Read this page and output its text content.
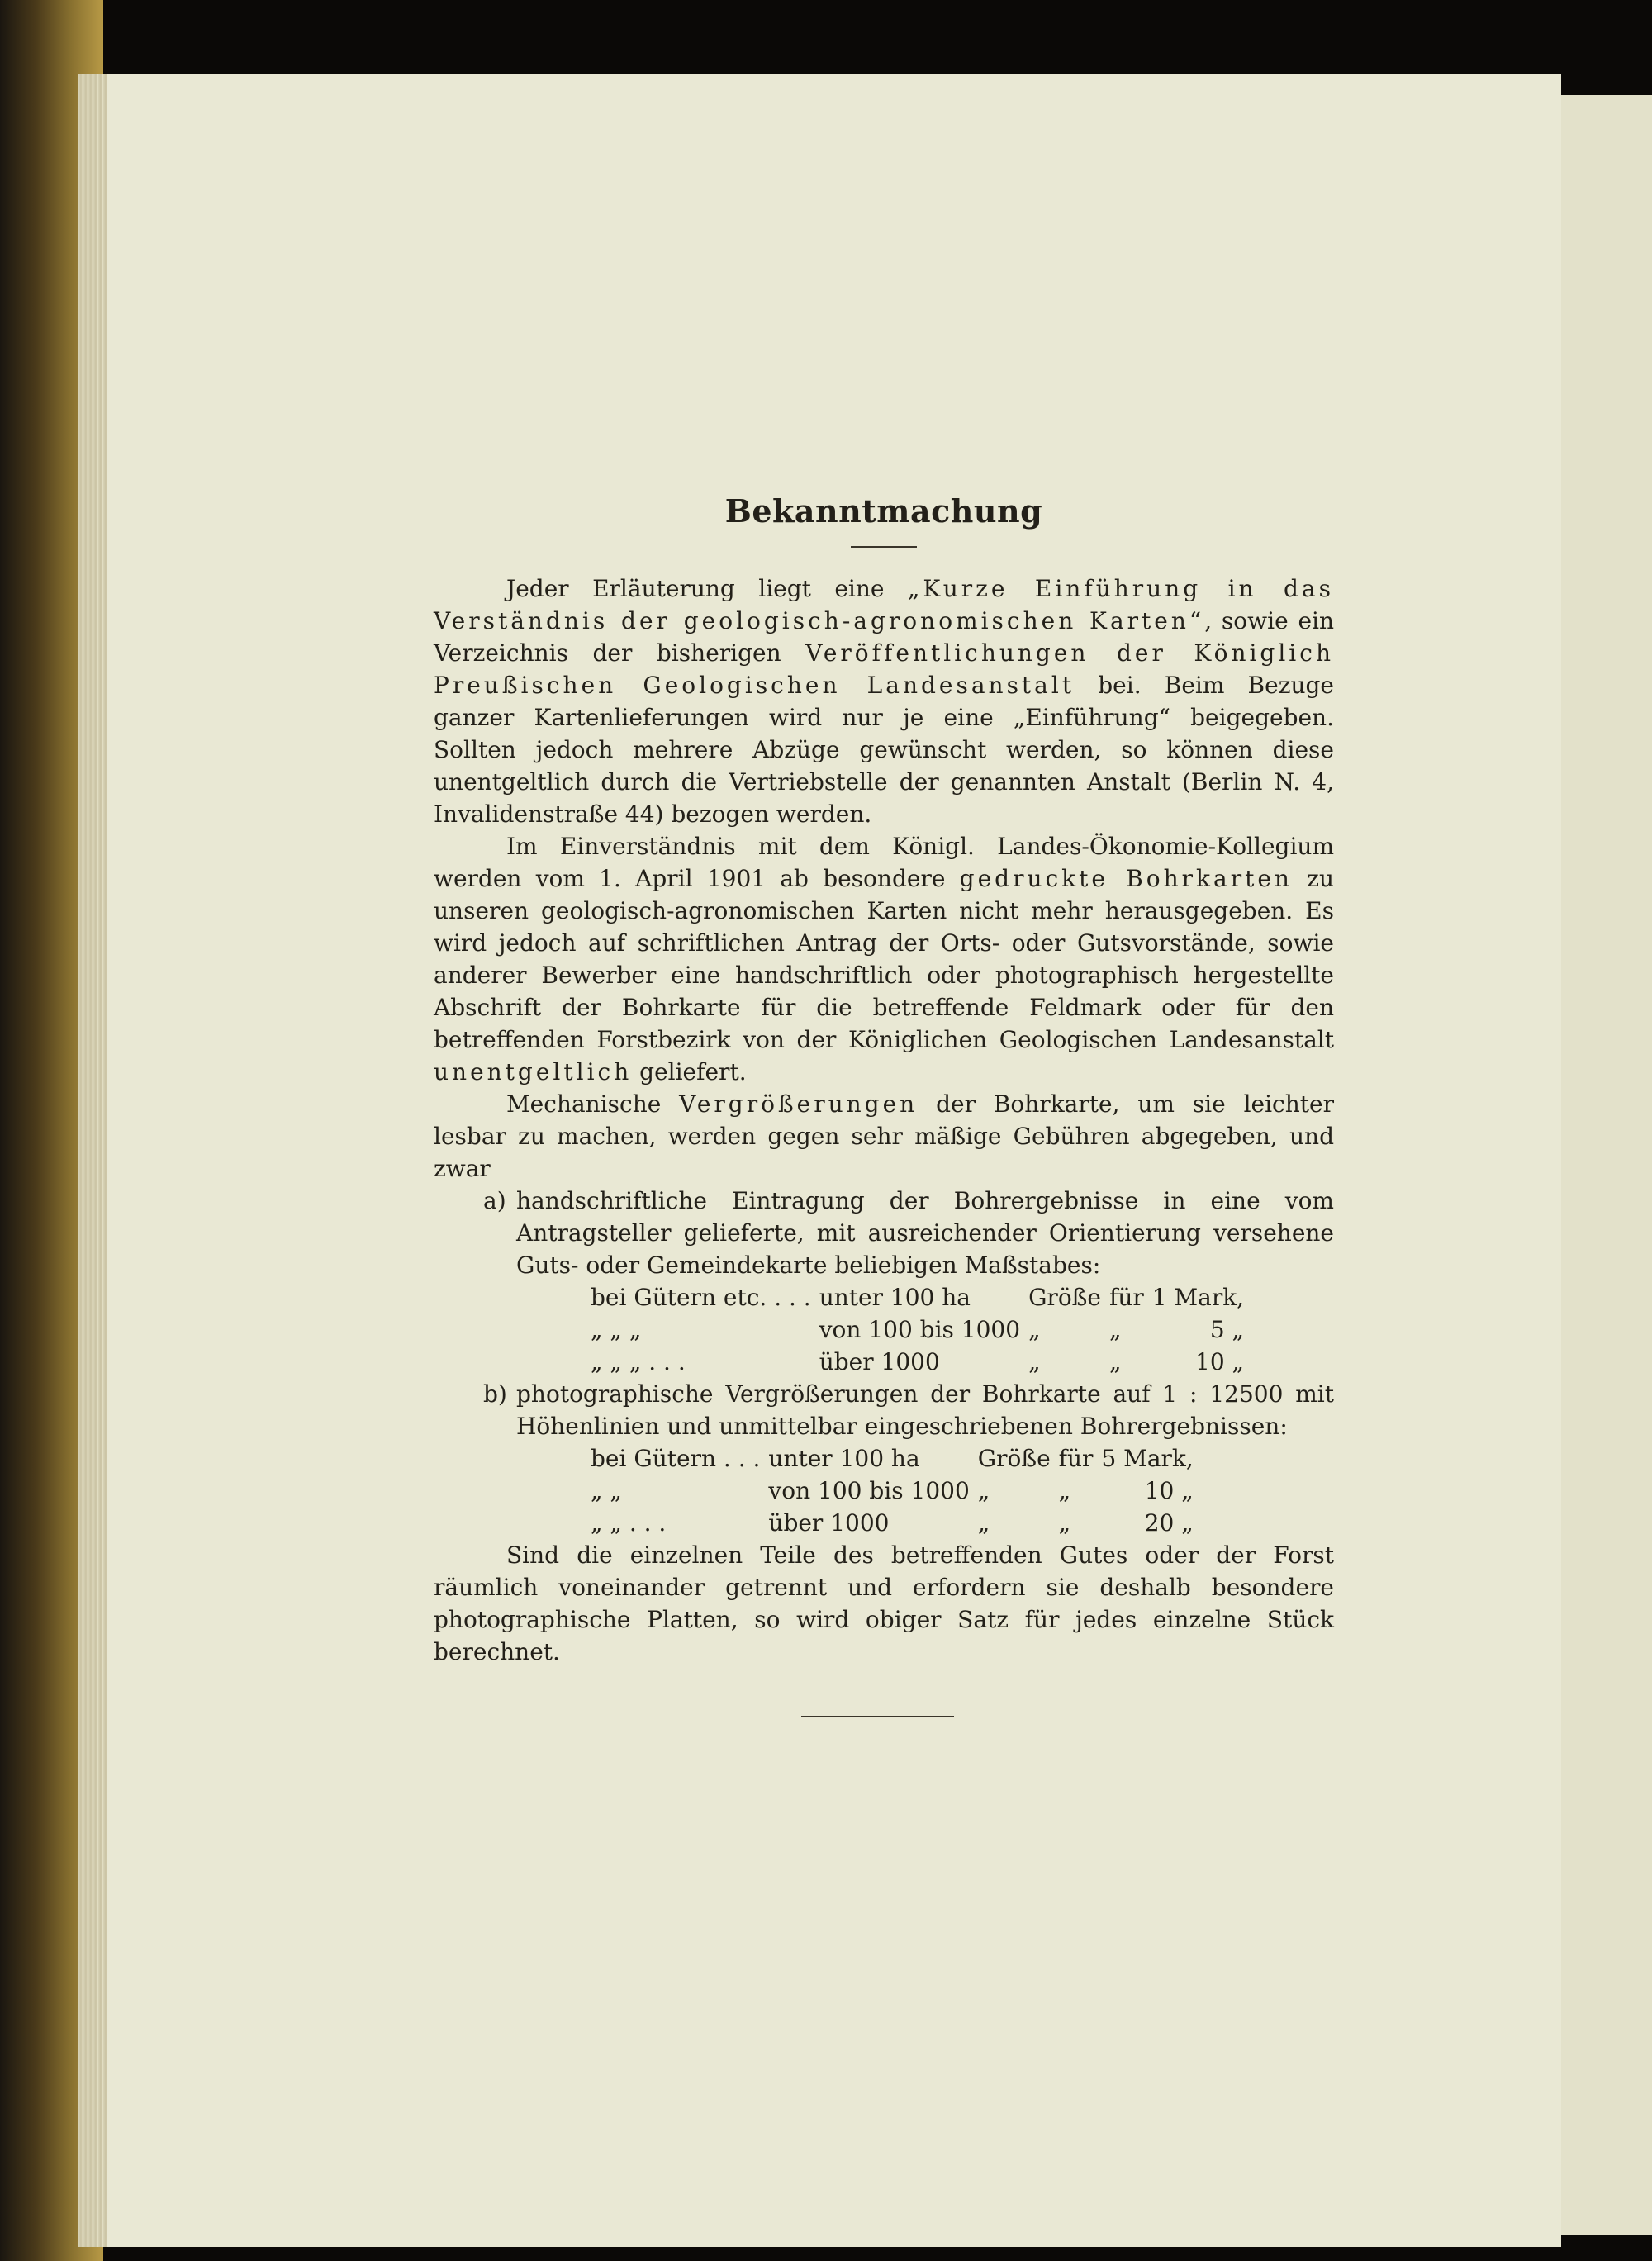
Bekanntmachung

Jeder Erläuterung liegt eine „Kurze Einführung in das Verständnis der geologisch-agronomischen Karten“, sowie ein Verzeichnis der bisherigen Veröffentlichungen der Königlich Preußischen Geologischen Landesanstalt bei. Beim Bezuge ganzer Kartenlieferungen wird nur je eine „Einführung“ beigegeben. Sollten jedoch mehrere Abzüge gewünscht werden, so können diese unentgeltlich durch die Vertriebstelle der genannten Anstalt (Berlin N. 4, Invalidenstraße 44) bezogen werden.

Im Einverständnis mit dem Königl. Landes-Ökonomie-Kollegium werden vom 1. April 1901 ab besondere gedruckte Bohrkarten zu unseren geologisch-agronomischen Karten nicht mehr herausgegeben. Es wird jedoch auf schriftlichen Antrag der Orts- oder Gutsvorstände, sowie anderer Bewerber eine handschriftlich oder photographisch hergestellte Abschrift der Bohrkarte für die betreffende Feldmark oder für den betreffenden Forstbezirk von der Königlichen Geologischen Landesanstalt unentgeltlich geliefert.

Mechanische Vergrößerungen der Bohrkarte, um sie leichter lesbar zu machen, werden gegen sehr mäßige Gebühren abgegeben, und zwar

a) handschriftliche Eintragung der Bohrergebnisse in eine vom Antragsteller gelieferte, mit ausreichender Orientierung versehene Guts- oder Gemeindekarte beliebigen Maßstabes:
bei Gütern etc. . . .	unter 100 ha	Größe	für	1 Mark,
„ „ „	von 100 bis 1000	„	„	5 „
„ „ „ . . .	über 1000	„	„	10 „
b) photographische Vergrößerungen der Bohrkarte auf 1 : 12500 mit Höhenlinien und unmittelbar eingeschriebenen Bohrergebnissen:
bei Gütern . . .	unter 100 ha	Größe	für	5 Mark,
„ „	von 100 bis 1000	„	„	10 „
„ „ . . .	über 1000	„	„	20 „

Sind die einzelnen Teile des betreffenden Gutes oder der Forst räumlich voneinander getrennt und erfordern sie deshalb besondere photographische Platten, so wird obiger Satz für jedes einzelne Stück berechnet.
